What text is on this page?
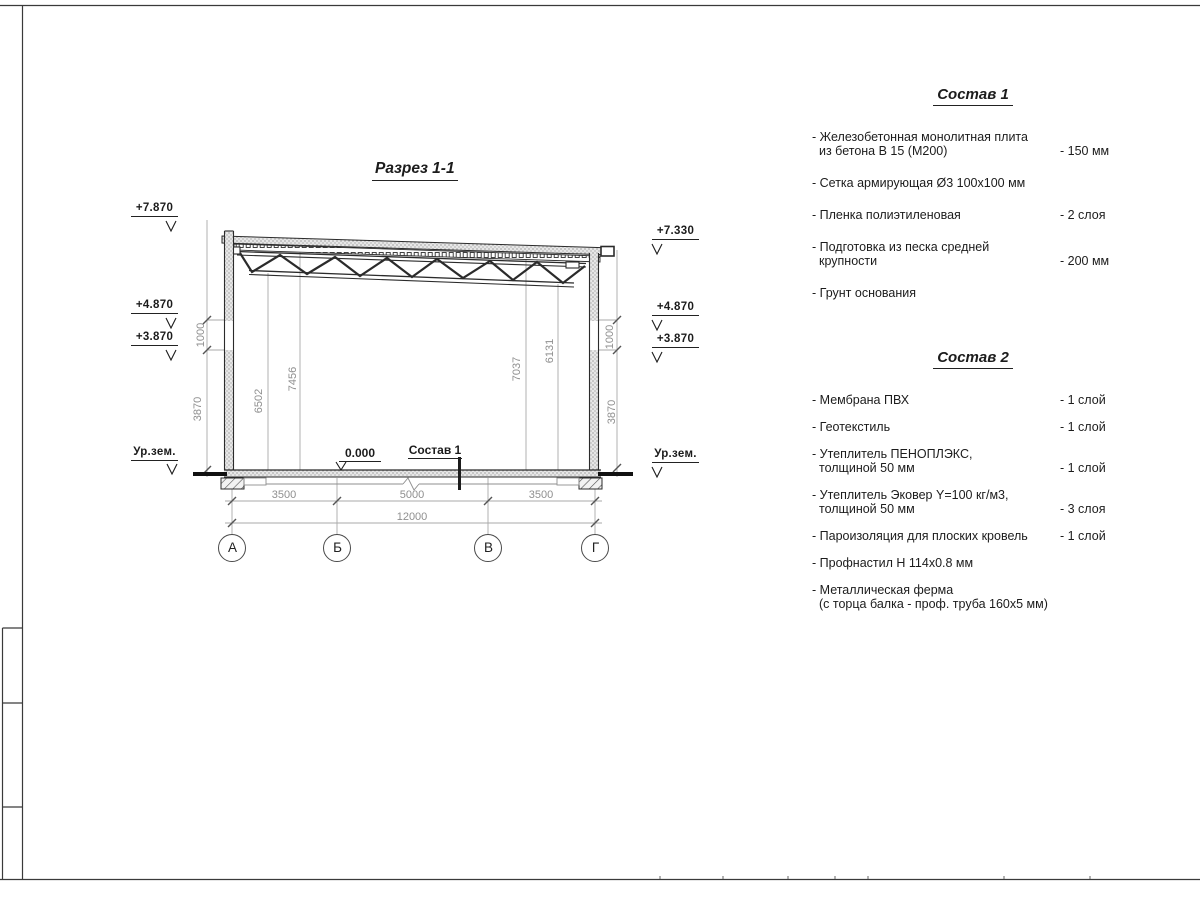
Разрез 1-1
+7.870
+4.870
+3.870
Ур.зем.
+7.330
+4.870
+3.870
Ур.зем.
0.000	Состав 1
1000
3870	6502
7456	7037
6131
1000
3870
3500	5000	3500
12000
А	Б	В	Г
Состав 1
- Железобетонная монолитная плита
из бетона В 15 (М200)	- 150 мм
- Сетка армирующая Ø3 100x100 мм
- Пленка полиэтиленовая	- 2 слоя
- Подготовка из песка средней
крупности	- 200 мм
- Грунт основания
Состав 2
- Мембрана ПВХ	- 1 слой
- Геотекстиль	- 1 слой
- Утеплитель ПЕНОПЛЭКС,
толщиной 50 мм	- 1 слой
- Утеплитель Эковер Y=100 кг/м3,
толщиной 50 мм	- 3 слоя
- Пароизоляция для плоских кровель	- 1 слой
- Профнастил Н 114x0.8 мм
- Металлическая ферма
(с торца балка - проф. труба 160x5 мм)
